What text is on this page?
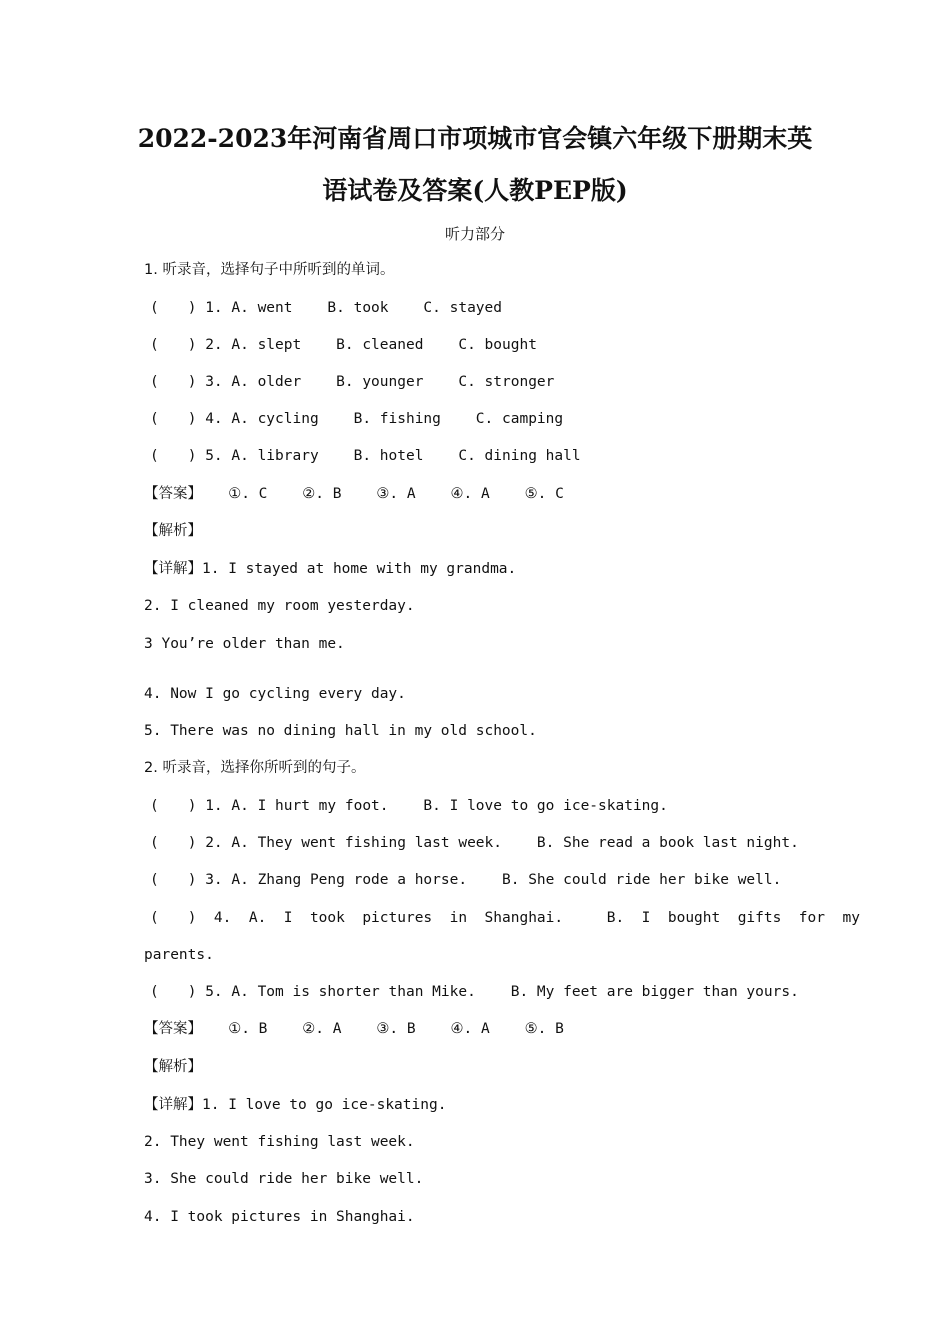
2022-2023年河南省周口市项城市官会镇六年级下册期末英
语试卷及答案(人教PEP版)
听力部分
1. 听录音，选择句子中所听到的单词。
(　　) 1. A. went    B. took    C. stayed
(　　) 2. A. slept    B. cleaned    C. bought
(　　) 3. A. older    B. younger    C. stronger
(　　) 4. A. cycling    B. fishing    C. camping
(　　) 5. A. library    B. hotel    C. dining hall
【答案】   ①. C    ②. B    ③. A    ④. A    ⑤. C
【解析】
【详解】1. I stayed at home with my grandma.
2. I cleaned my room yesterday.
3 You’re older than me.
4. Now I go cycling every day.
5. There was no dining hall in my old school.
2. 听录音，选择你所听到的句子。
(　　) 1. A. I hurt my foot.    B. I love to go ice-skating.
(　　) 2. A. They went fishing last week.    B. She read a book last night.
(　　) 3. A. Zhang Peng rode a horse.    B. She could ride her bike well.
(　　)  4.  A.  I  took  pictures  in  Shanghai.     B.  I  bought  gifts  for  my
parents.
(　　) 5. A. Tom is shorter than Mike.    B. My feet are bigger than yours.
【答案】   ①. B    ②. A    ③. B    ④. A    ⑤. B
【解析】
【详解】1. I love to go ice-skating.
2. They went fishing last week.
3. She could ride her bike well.
4. I took pictures in Shanghai.
